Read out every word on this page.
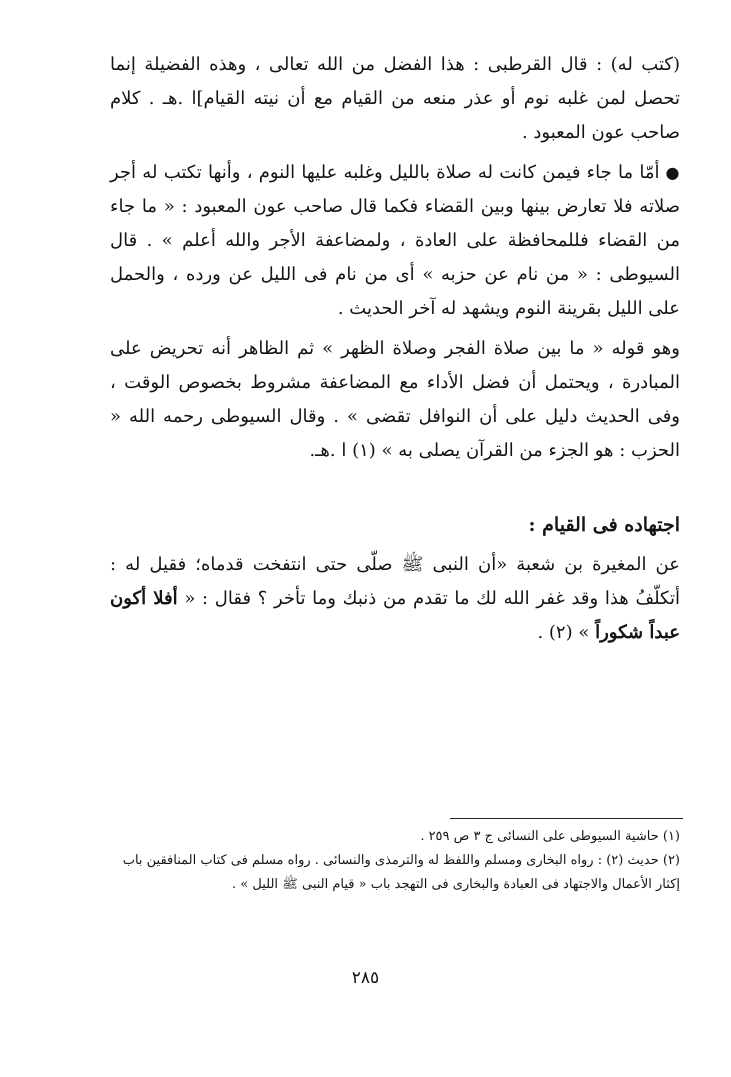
(كتب له) : قال القرطبى : هذا الفضل من الله تعالى ، وهذه الفضيلة إنما تحصل لمن غلبه نوم أو عذر منعه من القيام مع أن نيته القيام]ا .هـ . كلام صاحب عون المعبود .

●أمّا ما جاء فيمن كانت له صلاة بالليل وغلبه عليها النوم ، وأنها تكتب له أجر صلاته فلا تعارض بينها وبين القضاء فكما قال صاحب عون المعبود : « ما جاء من القضاء فللمحافظة على العادة ، ولمضاعفة الأجر والله أعلم » . قال السيوطى : « من نام عن حزبه » أى من نام فى الليل عن ورده ، والحمل على الليل بقرينة النوم ويشهد له آخر الحديث .

وهو قوله « ما بين صلاة الفجر وصلاة الظهر » ثم الظاهر أنه تحريض على المبادرة ، ويحتمل أن فضل الأداء مع المضاعفة مشروط بخصوص الوقت ، وفى الحديث دليل على أن النوافل تقضى » . وقال السيوطى رحمه الله « الحزب : هو الجزء من القرآن يصلى به » (١) ا .هـ.

اجتهاده فى القيام :

عن المغيرة بن شعبة «أن النبى ﷺ صلّى حتى انتفخت قدماه؛ فقيل له : أتكلّفُ هذا وقد غفر الله لك ما تقدم من ذنبك وما تأخر ؟ فقال : « أفلا أكون عبداً شكوراً » (٢) .

(١) حاشية السيوطى على النسائى ج ٣ ص ٢٥٩ .

(٢) حديث (٢) : رواه البخارى ومسلم واللفظ له والترمذى والنسائى . رواه مسلم فى كتاب المنافقين باب إكثار الأعمال والاجتهاد فى العبادة والبخارى فى التهجد باب « قيام النبى ﷺ الليل » .

٢٨٥
